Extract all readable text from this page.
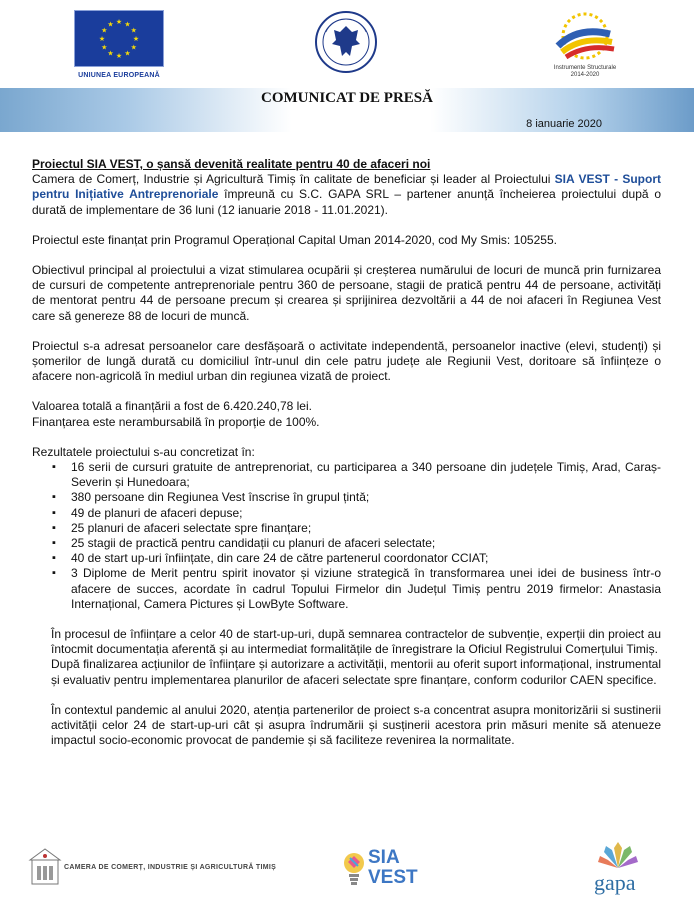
★ ★
★
★
★
★
★
★
★
★
★
★
UNIUNEA EUROPEANĂ
Instrumente Structurale
2014-2020
COMUNICAT DE PRESĂ
8 ianuarie 2020

Proiectul SIA VEST, o șansă devenită realitate pentru 40 de afaceri noi

Camera de Comerț, Industrie și Agricultură Timiș în calitate de beneficiar și leader al Proiectului SIA VEST - Suport pentru Inițiative Antreprenoriale împreună cu S.C. GAPA SRL – partener anunță încheierea proiectului după o durată de implementare de 36 luni (12 ianuarie 2018 - 11.01.2021).

Proiectul este finanțat prin Programul Operațional Capital Uman 2014-2020, cod My Smis: 105255.

Obiectivul principal al proiectului a vizat stimularea ocupării și creșterea numărului de locuri de muncă prin furnizarea de cursuri de competente antreprenoriale pentru 360 de persoane, stagii de pratică pentru 44 de persoane, activități de mentorat pentru 44 de persoane precum și crearea și sprijinirea dezvoltării a 44 de noi afaceri în Regiunea Vest care să genereze 88 de locuri de muncă.

Proiectul s-a adresat persoanelor care desfășoară o activitate independentă, persoanelor inactive (elevi, studenți) și șomerilor de lungă durată cu domiciliul într-unul din cele patru județe ale Regiunii Vest, doritoare să înființeze o afacere non-agricolă în mediul urban din regiunea vizată de proiect.

Valoarea totală a finanțării a fost de 6.420.240,78 lei.

Finanțarea este nerambursabilă în proporție de 100%.

Rezultatele proiectului s-au concretizat în:

▪ 16 serii de cursuri gratuite de antreprenoriat, cu participarea a 340 persoane din județele Timiș, Arad, Caraș-Severin și Hunedoara;
▪ 380 persoane din Regiunea Vest înscrise în grupul țintă;
▪ 49 de planuri de afaceri depuse;
▪ 25 planuri de afaceri selectate spre finanțare;
▪ 25 stagii de practică pentru candidații cu planuri de afaceri selectate;
▪ 40 de start up-uri înființate, din care 24 de către partenerul coordonator CCIAT;
▪ 3 Diplome de Merit pentru spirit inovator și viziune strategică în transformarea unei idei de business într-o afacere de succes, acordate în cadrul Topului Firmelor din Județul Timiș pentru 2019 firmelor: Anastasia Internațional, Camera Pictures și LowByte Software.

În procesul de înființare a celor 40 de start-up-uri, după semnarea contractelor de subvenție, experții din proiect au întocmit documentația aferentă și au intermediat formalitățile de înregistrare la Oficiul Registrului Comerțului Timiș.

După finalizarea acțiunilor de înființare și autorizare a activității, mentorii au oferit suport informațional, instrumental și evaluativ pentru implementarea planurilor de afaceri selectate spre finanțare, conform codurilor CAEN specifice.

În contextul pandemic al anului 2020, atenția partenerilor de proiect s-a concentrat asupra monitorizării si sustinerii activității celor 24 de start-up-uri cât și asupra îndrumării și susținerii acestora prin măsuri menite să atenueze impactul socio-economic provocat de pandemie și să faciliteze revenirea la normalitate.

CAMERA DE COMERȚ, INDUSTRIE ȘI AGRICULTURĂ TIMIȘ	SIA
VEST	gapa
